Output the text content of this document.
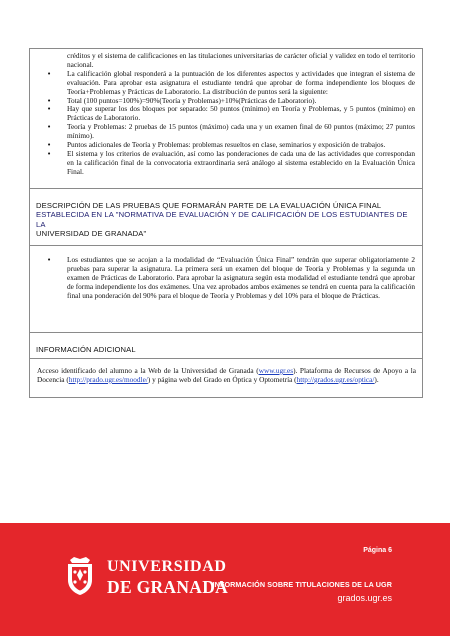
créditos y el sistema de calificaciones en las titulaciones universitarias de carácter oficial y validez en todo el territorio nacional.
• La calificación global responderá a la puntuación de los diferentes aspectos y actividades que integran el sistema de evaluación. Para aprobar esta asignatura el estudiante tendrá que aprobar de forma independiente los bloques de Teoría+Problemas y Prácticas de Laboratorio. La distribución de puntos será la siguiente:
• Total (100 puntos=100%)=90%(Teoría y Problemas)+10%(Prácticas de Laboratorio).
• Hay que superar los dos bloques por separado: 50 puntos (mínimo) en Teoría y Problemas, y 5 puntos (mínimo) en Prácticas de Laboratorio.
• Teoría y Problemas: 2 pruebas de 15 puntos (máximo) cada una y un examen final de 60 puntos (máximo; 27 puntos mínimo).
• Puntos adicionales de Teoría y Problemas: problemas resueltos en clase, seminarios y exposición de trabajos.
• El sistema y los criterios de evaluación, así como las ponderaciones de cada una de las actividades que correspondan en la calificación final de la convocatoria extraordinaria será análogo al sistema establecido en la Evaluación Única Final.
DESCRIPCIÓN DE LAS PRUEBAS QUE FORMARÁN PARTE DE LA EVALUACIÓN ÚNICA FINAL
ESTABLECIDA EN LA "NORMATIVA DE EVALUACIÓN Y DE CALIFICACIÓN DE LOS ESTUDIANTES DE LA
UNIVERSIDAD DE GRANADA"
• Los estudiantes que se acojan a la modalidad de “Evaluación Única Final” tendrán que superar obligatoriamente 2 pruebas para superar la asignatura. La primera será un examen del bloque de Teoría y Problemas y la segunda un examen de Prácticas de Laboratorio. Para aprobar la asignatura según esta modalidad el estudiante tendrá que aprobar de forma independiente los dos exámenes. Una vez aprobados ambos exámenes se tendrá en cuenta para la calificación final una ponderación del 90% para el bloque de Teoría y Problemas y del 10% para el bloque de Prácticas.
INFORMACIÓN ADICIONAL
Acceso identificado del alumno a la Web de la Universidad de Granada (www.ugr.es). Plataforma de Recursos de Apoyo a la Docencia (http://prado.ugr.es/moodle/) y página web del Grado en Óptica y Optometría (http://grados.ugr.es/optica/).
UNIVERSIDAD
DE GRANADA
Página 6
INFORMACIÓN SOBRE TITULACIONES DE LA UGR
grados.ugr.es
